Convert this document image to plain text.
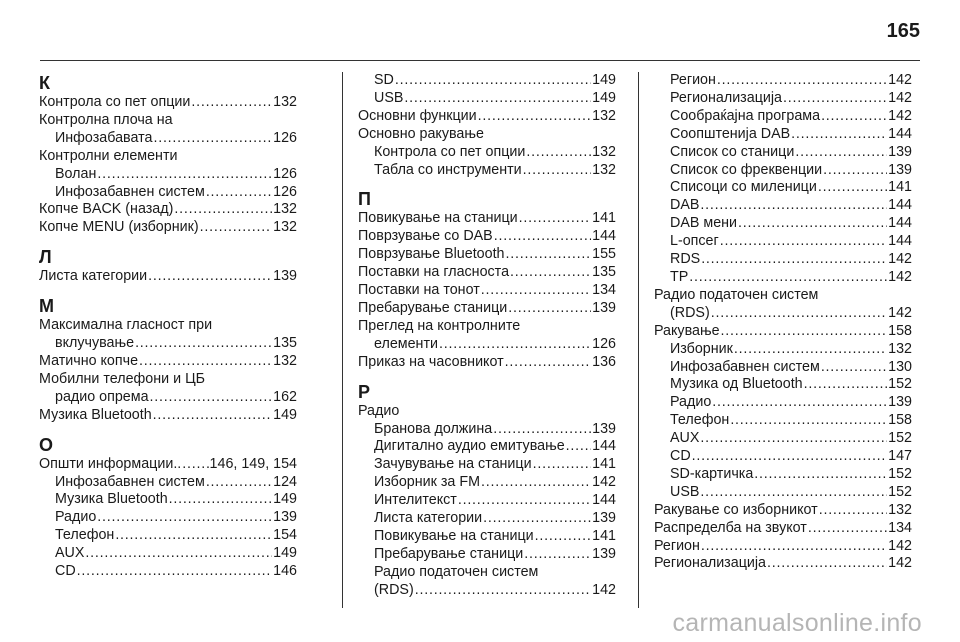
165
К
Контрола со пет опции . . .	132
Контролна плоча на
Инфозабавата . . .	126
Контролни елементи
Волан . . .	126
Инфозабавнен систем . . .	126
Копче BACK (назад) . . .	132
Копче MENU (изборник) . . .	132
Л
Листа категории . . .	139
М
Максимална гласност при
вклучување . . .	135
Матично копче . . .	132
Мобилни телефони и ЦБ
радио опрема . . .	162
Музика Bluetooth . . .	149
О
Општи информации.. . . . 146, 149, 154
Инфозабавнен систем . . .	124
Музика Bluetooth . . .	149
Радио . . .	139
Телефон . . .	154
AUX . . .	149
CD . . .	146
SD . . .	149
USB . . .	149
Основни функции . . .	132
Основно ракување
Контрола со пет опции . . .	132
Табла со инструменти . . .	132
П
Повикување на станици . . .	141
Поврзување со DAB . . .	144
Поврзување Bluetooth . . .	155
Поставки на гласноста . . .	135
Поставки на тонот . . .	134
Пребарување станици . . .	139
Преглед на контролните
елементи . . .	126
Приказ на часовникот . . .	136
Р
Радио
Бранова должина . . .	139
Дигитално аудио емитување . . . 144
Зачувување на станици . . .	141
Изборник за FM . . .	142
Интелитекст . . .	144
Листа категории . . .	139
Повикување на станици . . .	141
Пребарување станици . . .	139
Радио податочен систем
(RDS) . . .	142
Регион . . .	142
Регионализација . . .	142
Сообраќајна програма . . .	142
Соопштенија DAB . . .	144
Список со станици . . .	139
Список со фреквенции . . .	139
Списоци со миленици . . .	141
DAB . . .	144
DAB мени . . .	144
L-опсег . . .	144
RDS . . .	142
TP . . .	142
Радио податочен систем
(RDS) . . .	142
Ракување . . .	158
Изборник . . .	132
Инфозабавнен систем . . .	130
Музика од Bluetooth . . .	152
Радио . . .	139
Телефон . . .	158
AUX . . .	152
CD . . .	147
SD-картичка . . .	152
USB . . .	152
Ракување со изборникот . . .	132
Распределба на звукот . . .	134
Регион . . .	142
Регионализација . . .	142
carmanualsonline.info
